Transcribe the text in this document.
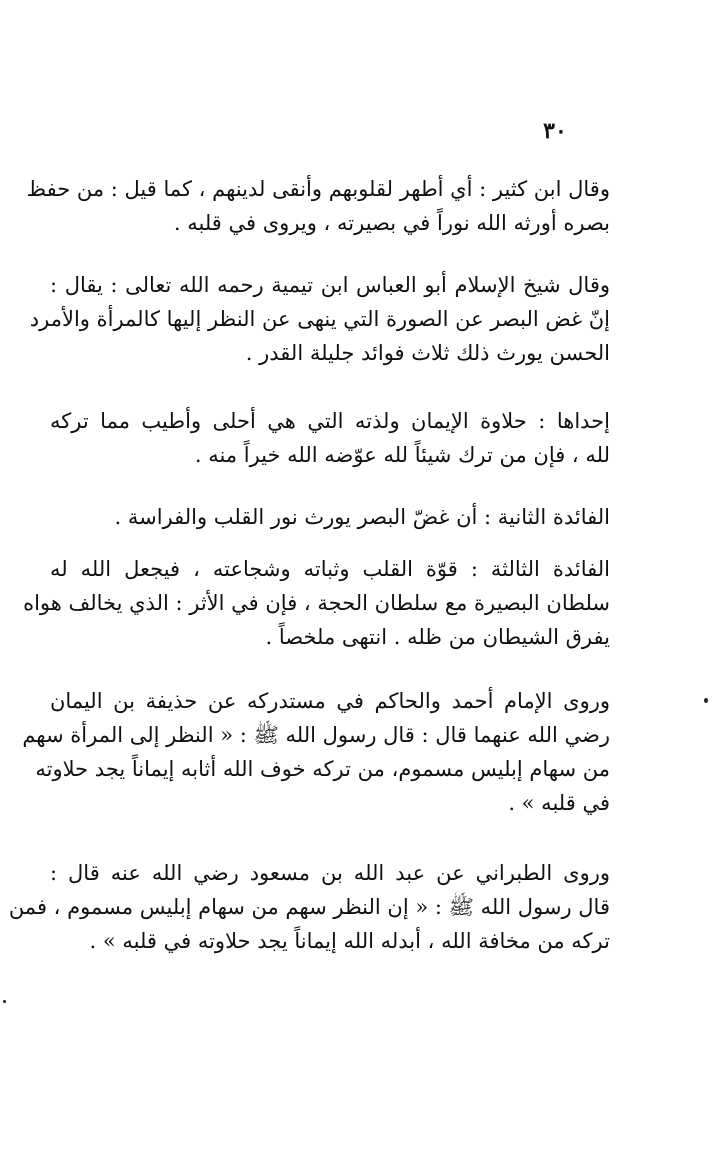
٣٠
وقال ابن كثير : أي أطهر لقلوبهم وأنقى لدينهم ، كما قيل : من حفظ
بصره أورثه الله نوراً في بصيرته ، ويروى في قلبه .
وقال شيخ الإسلام أبو العباس ابن تيمية رحمه الله تعالى : يقال :
إنّ غض البصر عن الصورة التي ينهى عن النظر إليها كالمرأة والأمرد
الحسن يورث ذلك ثلاث فوائد جليلة القدر .
إحداها : حلاوة الإيمان ولذته التي هي أحلى وأطيب مما تركه
لله ، فإن من ترك شيئاً لله عوّضه الله خيراً منه .
الفائدة الثانية : أن غضّ البصر يورث نور القلب والفراسة .
الفائدة الثالثة : قوّة القلب وثباته وشجاعته ، فيجعل الله له
سلطان البصيرة مع سلطان الحجة ، فإن في الأثر : الذي يخالف هواه
يفرق الشيطان من ظله . انتهى ملخصاً .
وروى الإمام أحمد والحاكم في مستدركه عن حذيفة بن اليمان
رضي الله عنهما قال : قال رسول الله ﷺ : « النظر إلى المرأة سهم
من سهام إبليس مسموم، من تركه خوف الله أثابه إيماناً يجد حلاوته
في قلبه » .
وروى الطبراني عن عبد الله بن مسعود رضي الله عنه قال :
قال رسول الله ﷺ : « إن النظر سهم من سهام إبليس مسموم ، فمن
تركه من مخافة الله ، أبدله الله إيماناً يجد حلاوته في قلبه » .
